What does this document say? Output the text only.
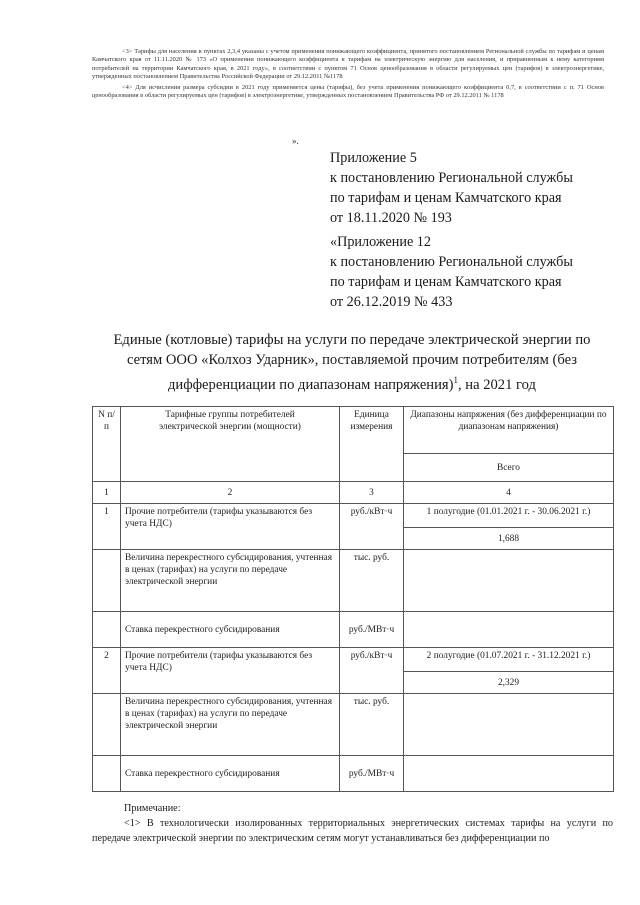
<3> Тарифы для населения в пунктах 2,3,4 указаны с учетом применения понижающего коэффициента, принятого постановлением Региональной службы по тарифам и ценам Камчатского края от 11.11.2020 № 173 «О применении понижающего коэффициента к тарифам на электрическую энергию для населения, и приравненным к нему категориям потребителей на территории Камчатского края, в 2021 году», в соответствии с пунктом 71 Основ ценообразования в области регулируемых цен (тарифов) в электроэнергетике, утвержденных постановлением Правительства Российской Федерации от 29.12.2011 №1178

<4> Для исчисления размера субсидии в 2021 году применяется цены (тарифы), без учета применения понижающего коэффициента 0,7, в соответствии с п. 71 Основ ценообразования в области регулируемых цен (тарифов) в электроэнергетике, утвержденных постановлением Правительства РФ от 29.12.2011 № 1178

».
Приложение 5
к постановлению Региональной службы
по тарифам и ценам Камчатского края
от 18.11.2020 № 193
«Приложение 12
к постановлению Региональной службы
по тарифам и ценам Камчатского края
от 26.12.2019 № 433
Единые (котловые) тарифы на услуги по передаче электрической энергии по
сетям ООО «Колхоз Ударник», поставляемой прочим потребителям (без
дифференциации по диапазонам напряжения)$^1$, на 2021 год
N п/п	Тарифные группы потребителей электрической энергии (мощности)	Единица измерения	Диапазоны напряжения (без дифференциации по диапазонам напряжения)
			Всего
1	2	3	4
1	Прочие потребители (тарифы указываются без учета НДС)	руб./кВт·ч	1 полугодие (01.01.2021 г. - 30.06.2021 г.)
			1,688
	Величина перекрестного субсидирования, учтенная в ценах (тарифах) на услуги по передаче электрической энергии	тыс. руб.	
	Ставка перекрестного субсидирования	руб./МВт·ч	
2	Прочие потребители (тарифы указываются без учета НДС)	руб./кВт·ч	2 полугодие (01.07.2021 г. - 31.12.2021 г.)
			2,329
	Величина перекрестного субсидирования, учтенная в ценах (тарифах) на услуги по передаче электрической энергии	тыс. руб.	
	Ставка перекрестного субсидирования	руб./МВт·ч	

Примечание:

<1> В технологически изолированных территориальных энергетических системах тарифы на услуги по передаче электрической энергии по электрическим сетям могут устанавливаться без дифференциации по
